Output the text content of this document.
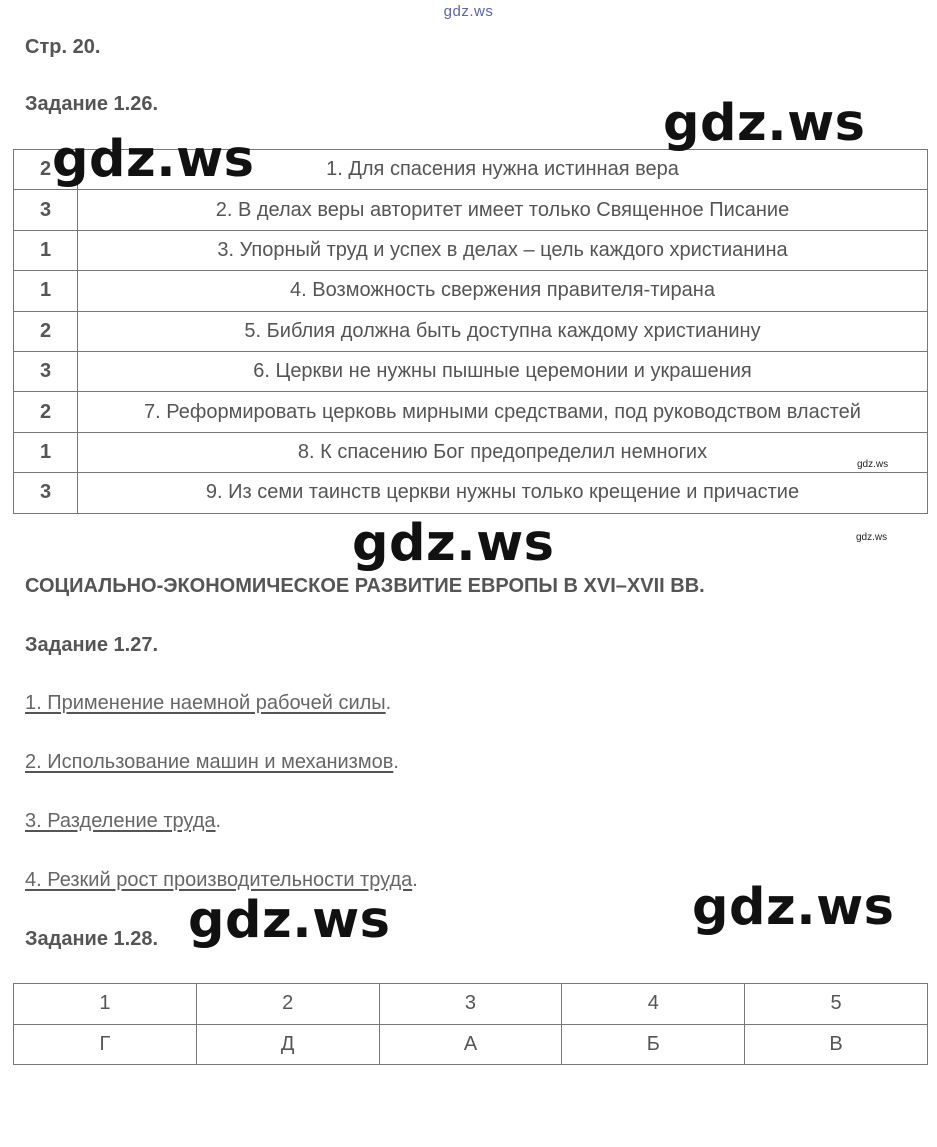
gdz.ws
Стр. 20.
Задание 1.26.
2	1. Для спасения нужна истинная вера
3	2. В делах веры авторитет имеет только Священное Писание
1	3. Упорный труд и успех в делах – цель каждого христианина
1	4. Возможность свержения правителя-тирана
2	5. Библия должна быть доступна каждому христианину
3	6. Церкви не нужны пышные церемонии и украшения
2	7. Реформировать церковь мирными средствами, под руководством властей
1	8. К спасению Бог предопределил немногих
3	9. Из семи таинств церкви нужны только крещение и причастие
СОЦИАЛЬНО-ЭКОНОМИЧЕСКОЕ РАЗВИТИЕ ЕВРОПЫ В XVI–XVII ВВ.
Задание 1.27.
1. Применение наемной рабочей силы.
2. Использование машин и механизмов.
3. Разделение труда.
4. Резкий рост производительности труда.
Задание 1.28.
1	2	3	4	5
Г	Д	А	Б	В
gdz.ws
gdz.ws
gdz.ws
gdz.ws
gdz.ws
gdz.ws
gdz.ws
